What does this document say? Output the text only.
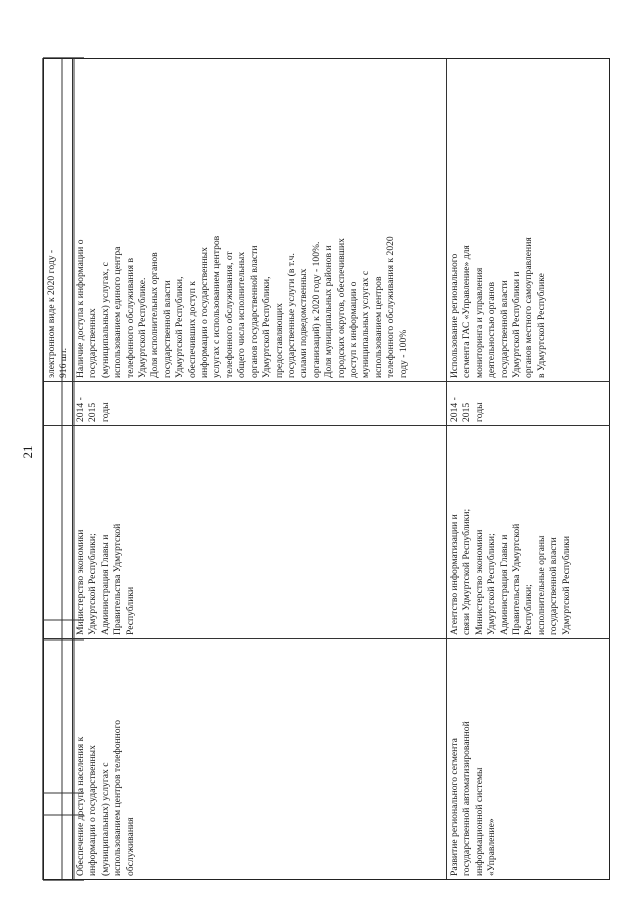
21
электронном виде к 2020 году -
916 шт.
Обеспечение доступа населения к
информации о государственных
(муниципальных) услугах с
использованием центров телефонного
обслуживания
Министерство экономики
Удмуртской Республики;
Администрация Главы и
Правительства Удмуртской
Республики
2014 -
2015
годы
Наличие доступа к информации о
государственных
(муниципальных) услугах, с
использованием единого центра
телефонного обслуживания в
Удмуртской Республике.
Доля исполнительных органов
государственной власти
Удмуртской Республики,
обеспечивших доступ к
информации о государственных
услугах с использованием центров
телефонного обслуживания, от
общего числа исполнительных
органов государственной власти
Удмуртской Республики,
предоставляющих
государственные услуги (в т.ч.
силами подведомственных
организаций) к 2020 году - 100%.
Доля муниципальных районов и
городских округов, обеспечивших
доступ к информации о
муниципальных услугах с
использованием центров
телефонного обслуживания к 2020
году - 100%
Развитие регионального сегмента
государственной автоматизированной
информационной системы
«Управление»
Агентство информатизации и
связи Удмуртской Республики;
Министерство экономики
Удмуртской Республики;
Администрация Главы и
Правительства Удмуртской
Республики;
исполнительные органы
государственной власти
Удмуртской Республики
2014 -
2015
годы
Использование регионального
сегмента ГАС «Управление» для
мониторинга и управления
деятельностью органов
государственной власти
Удмуртской Республики и
органов местного самоуправления
в Удмуртской Республике
